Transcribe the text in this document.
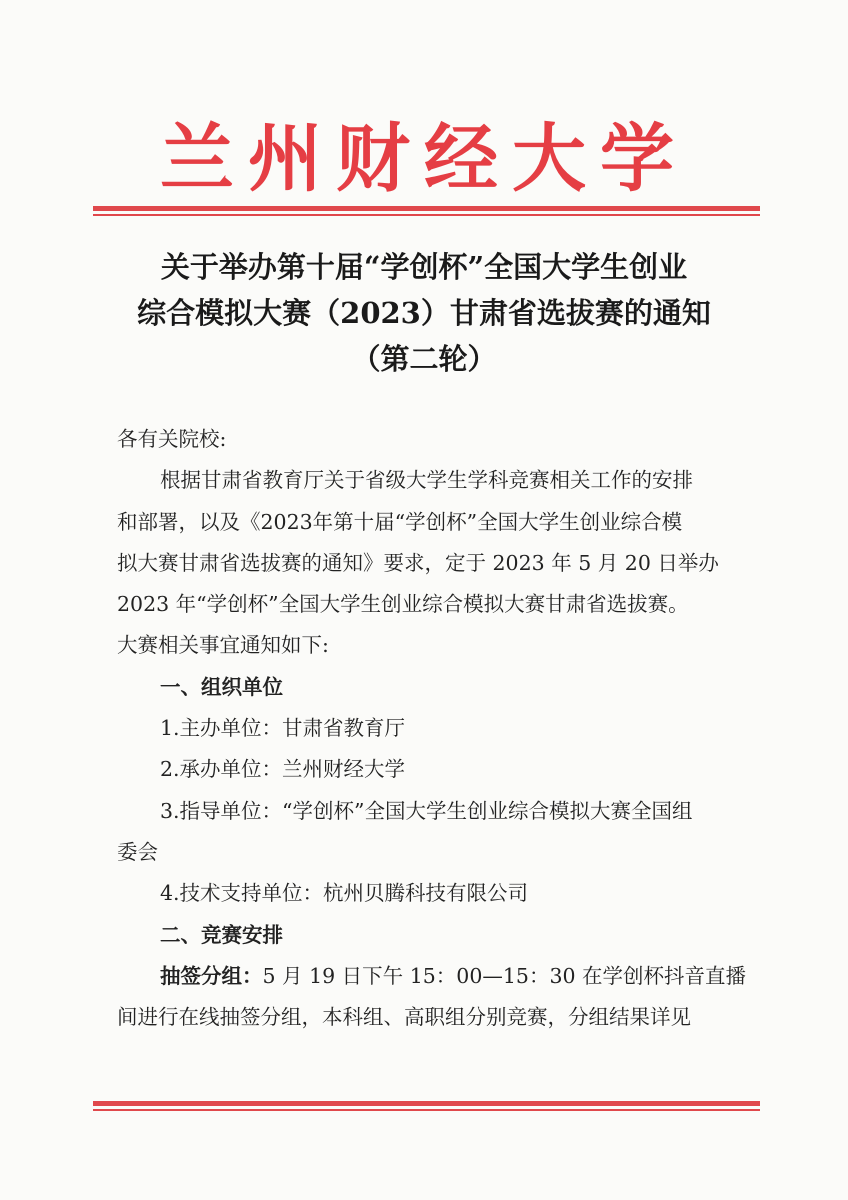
兰州财经大学
关于举办第十届“学创杯”全国大学生创业
综合模拟大赛（2023）甘肃省选拔赛的通知
（第二轮）
各有关院校:
根据甘肃省教育厅关于省级大学生学科竞赛相关工作的安排
和部署，以及《2023年第十届“学创杯”全国大学生创业综合模
拟大赛甘肃省选拔赛的通知》要求，定于 2023 年 5 月 20 日举办
2023 年“学创杯”全国大学生创业综合模拟大赛甘肃省选拔赛。
大赛相关事宜通知如下:
一、组织单位
1.主办单位：甘肃省教育厅
2.承办单位：兰州财经大学
3.指导单位：“学创杯”全国大学生创业综合模拟大赛全国组
委会
4.技术支持单位：杭州贝腾科技有限公司
二、竞赛安排
抽签分组：5 月 19 日下午 15：00—15：30 在学创杯抖音直播
间进行在线抽签分组，本科组、高职组分别竞赛，分组结果详见
